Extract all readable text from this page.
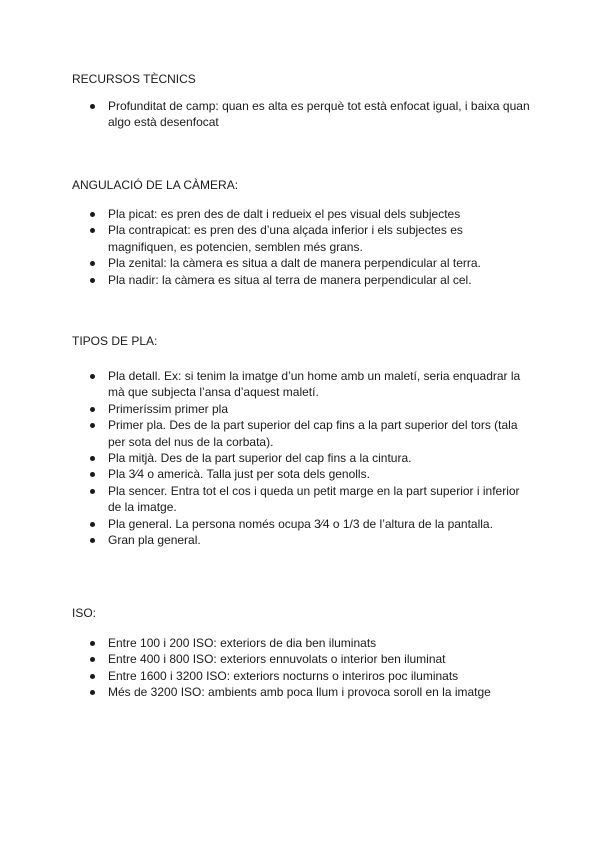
RECURSOS TÈCNICS
Profunditat de camp: quan es alta es perquè tot està enfocat igual, i baixa quan algo està desenfocat
ANGULACIÓ DE LA CÀMERA:
Pla picat: es pren des de dalt i redueix el pes visual dels subjectes
Pla contrapicat: es pren des d’una alçada inferior i els subjectes es magnifiquen, es potencien, semblen més grans.
Pla zenital: la càmera es situa a dalt de manera perpendicular al terra.
Pla nadir: la càmera es situa al terra de manera perpendicular al cel.
TIPOS DE PLA:
Pla detall. Ex: si tenim la imatge d’un home amb un maletí, seria enquadrar la mà que subjecta l’ansa d’aquest maletí.
Primeríssim primer pla
Primer pla. Des de la part superior del cap fins a la part superior del tors (tala per sota del nus de la corbata).
Pla mitjà. Des de la part superior del cap fins a la cintura.
Pla 3⁄4 o americà. Talla just per sota dels genolls.
Pla sencer. Entra tot el cos i queda un petit marge en la part superior i inferior de la imatge.
Pla general. La persona només ocupa 3⁄4 o 1/3 de l’altura de la pantalla.
Gran pla general.
ISO:
Entre 100 i 200 ISO: exteriors de dia ben iluminats
Entre 400 i 800 ISO: exteriors ennuvolats o interior ben iluminat
Entre 1600 i 3200 ISO: exteriors nocturns o interiros poc iluminats
Més de 3200 ISO: ambients amb poca llum i provoca soroll en la imatge
